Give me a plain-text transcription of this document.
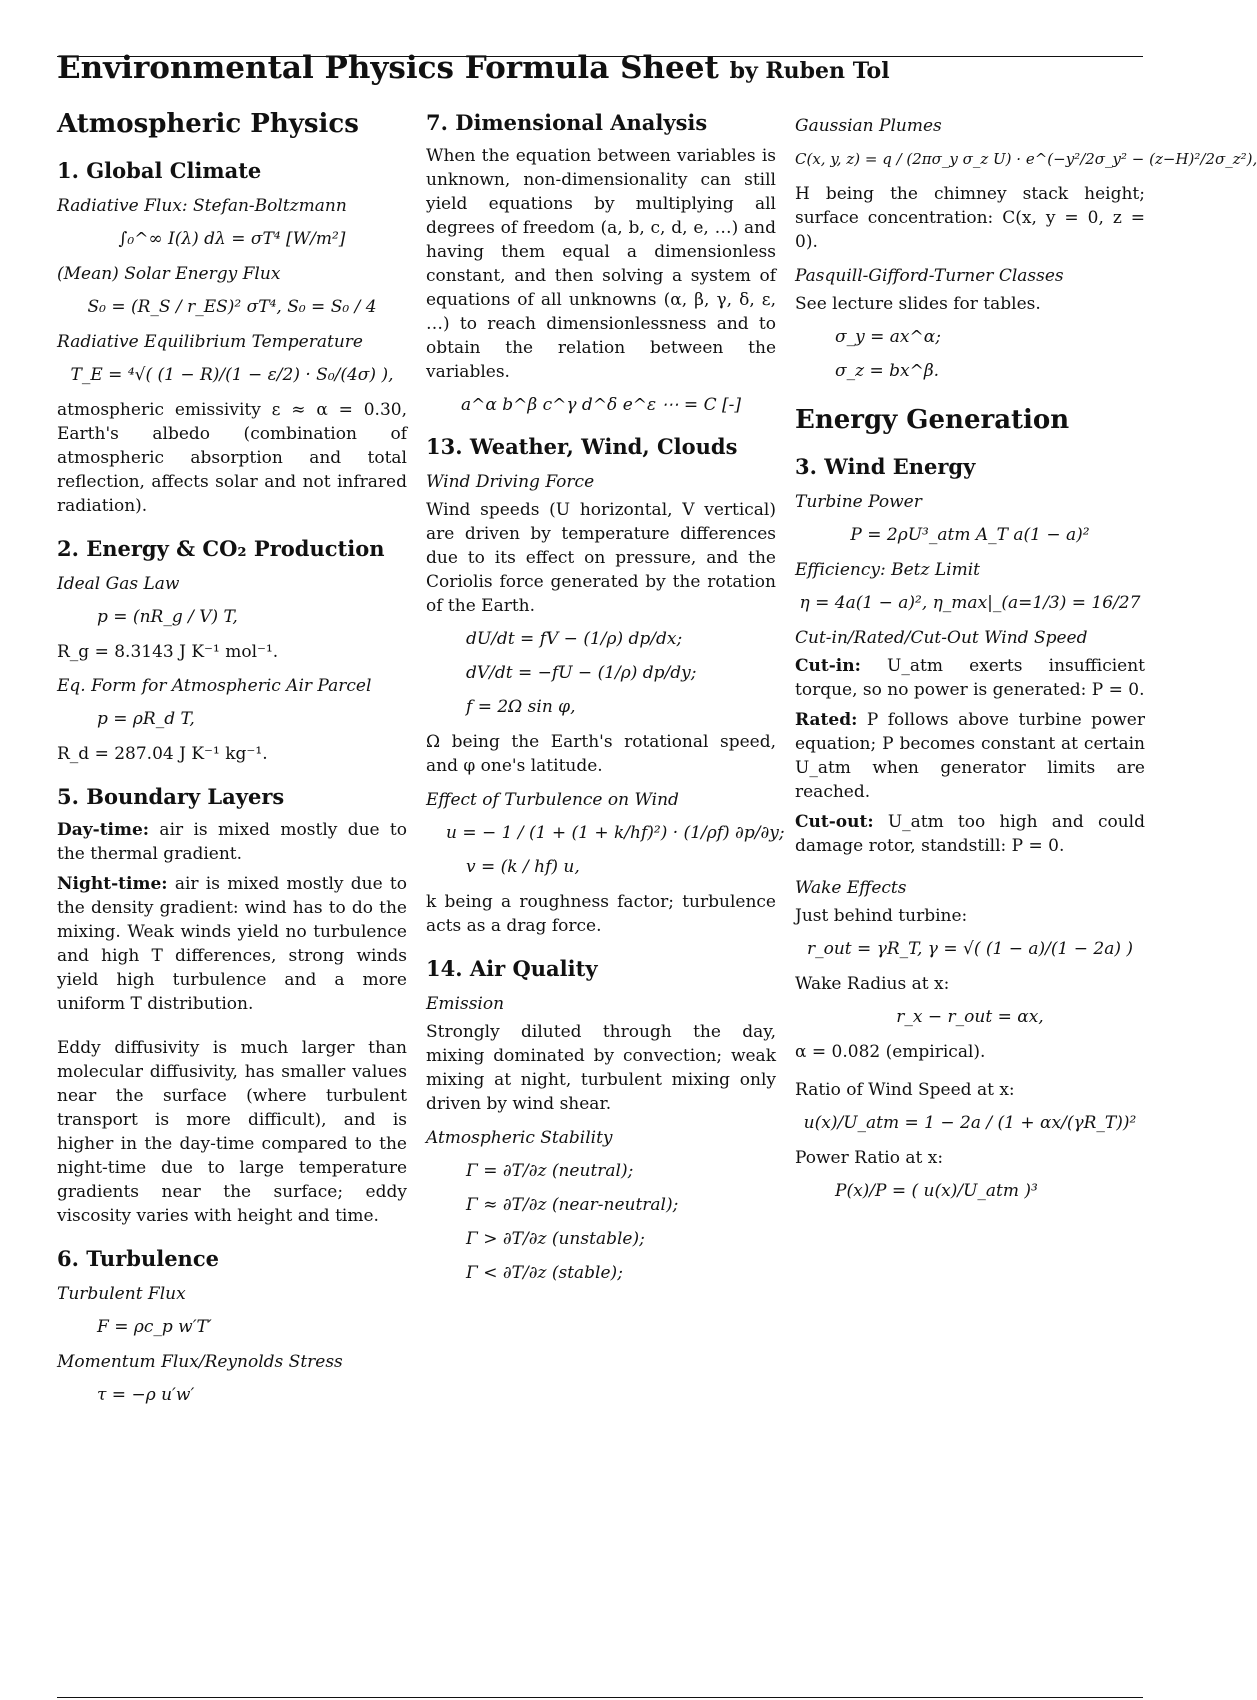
Environmental Physics Formula Sheet by Ruben Tol
Atmospheric Physics
1. Global Climate
Radiative Flux: Stefan-Boltzmann
∫₀^∞ I(λ) dλ = σT⁴ [W/m²]
(Mean) Solar Energy Flux
S₀ = (R_S / r_ES)² σT⁴, S₀ = S₀ / 4
Radiative Equilibrium Temperature
T_E = ⁴√( (1 − R)/(1 − ε/2) · S₀/(4σ) ),
atmospheric emissivity ε ≈ α = 0.30, Earth's albedo (combination of atmospheric absorption and total reflection, affects solar and not infrared radiation).
2. Energy & CO₂ Production
Ideal Gas Law
p = (nR_g / V) T,
R_g = 8.3143 J K⁻¹ mol⁻¹.
Eq. Form for Atmospheric Air Parcel
p = ρR_d T,
R_d = 287.04 J K⁻¹ kg⁻¹.
5. Boundary Layers
Day-time: air is mixed mostly due to the thermal gradient.
Night-time: air is mixed mostly due to the density gradient: wind has to do the mixing. Weak winds yield no turbulence and high T differences, strong winds yield high turbulence and a more uniform T distribution.
Eddy diffusivity is much larger than molecular diffusivity, has smaller values near the surface (where turbulent transport is more difficult), and is higher in the day-time compared to the night-time due to large temperature gradients near the surface; eddy viscosity varies with height and time.
6. Turbulence
Turbulent Flux
F = ρc_p w′T′
Momentum Flux/Reynolds Stress
τ = −ρ u′w′
7. Dimensional Analysis
When the equation between variables is unknown, non-dimensionality can still yield equations by multiplying all degrees of freedom (a, b, c, d, e, …) and having them equal a dimensionless constant, and then solving a system of equations of all unknowns (α, β, γ, δ, ε, …) to reach dimensionlessness and to obtain the relation between the variables.
a^α b^β c^γ d^δ e^ε ⋯ = C [-]
13. Weather, Wind, Clouds
Wind Driving Force
Wind speeds (U horizontal, V vertical) are driven by temperature differences due to its effect on pressure, and the Coriolis force generated by the rotation of the Earth.
dU/dt = fV − (1/ρ) dp/dx;
dV/dt = −fU − (1/ρ) dp/dy;
f = 2Ω sin φ,
Ω being the Earth's rotational speed, and φ one's latitude.
Effect of Turbulence on Wind
u = − 1 / (1 + (1 + k/hf)²) · (1/ρf) ∂p/∂y;
v = (k / hf) u,
k being a roughness factor; turbulence acts as a drag force.
14. Air Quality
Emission
Strongly diluted through the day, mixing dominated by convection; weak mixing at night, turbulent mixing only driven by wind shear.
Atmospheric Stability
Γ = ∂T/∂z (neutral);
Γ ≈ ∂T/∂z (near-neutral);
Γ > ∂T/∂z (unstable);
Γ < ∂T/∂z (stable);
Gaussian Plumes
C(x, y, z) = q / (2πσ_y σ_z U) · e^(−y²/2σ_y² − (z−H)²/2σ_z²),
H being the chimney stack height; surface concentration: C(x, y = 0, z = 0).
Pasquill-Gifford-Turner Classes
See lecture slides for tables.
σ_y = ax^α;
σ_z = bx^β.
Energy Generation
3. Wind Energy
Turbine Power
P = 2ρU³_atm A_T a(1 − a)²
Efficiency: Betz Limit
η = 4a(1 − a)², η_max|_(a=1/3) = 16/27
Cut-in/Rated/Cut-Out Wind Speed
Cut-in: U_atm exerts insufficient torque, so no power is generated: P = 0.
Rated: P follows above turbine power equation; P becomes constant at certain U_atm when generator limits are reached.
Cut-out: U_atm too high and could damage rotor, standstill: P = 0.
Wake Effects
Just behind turbine:
r_out = γR_T, γ = √( (1 − a)/(1 − 2a) )
Wake Radius at x:
r_x − r_out = αx,
α = 0.082 (empirical).
Ratio of Wind Speed at x:
u(x)/U_atm = 1 − 2a / (1 + αx/(γR_T))²
Power Ratio at x:
P(x)/P = ( u(x)/U_atm )³
